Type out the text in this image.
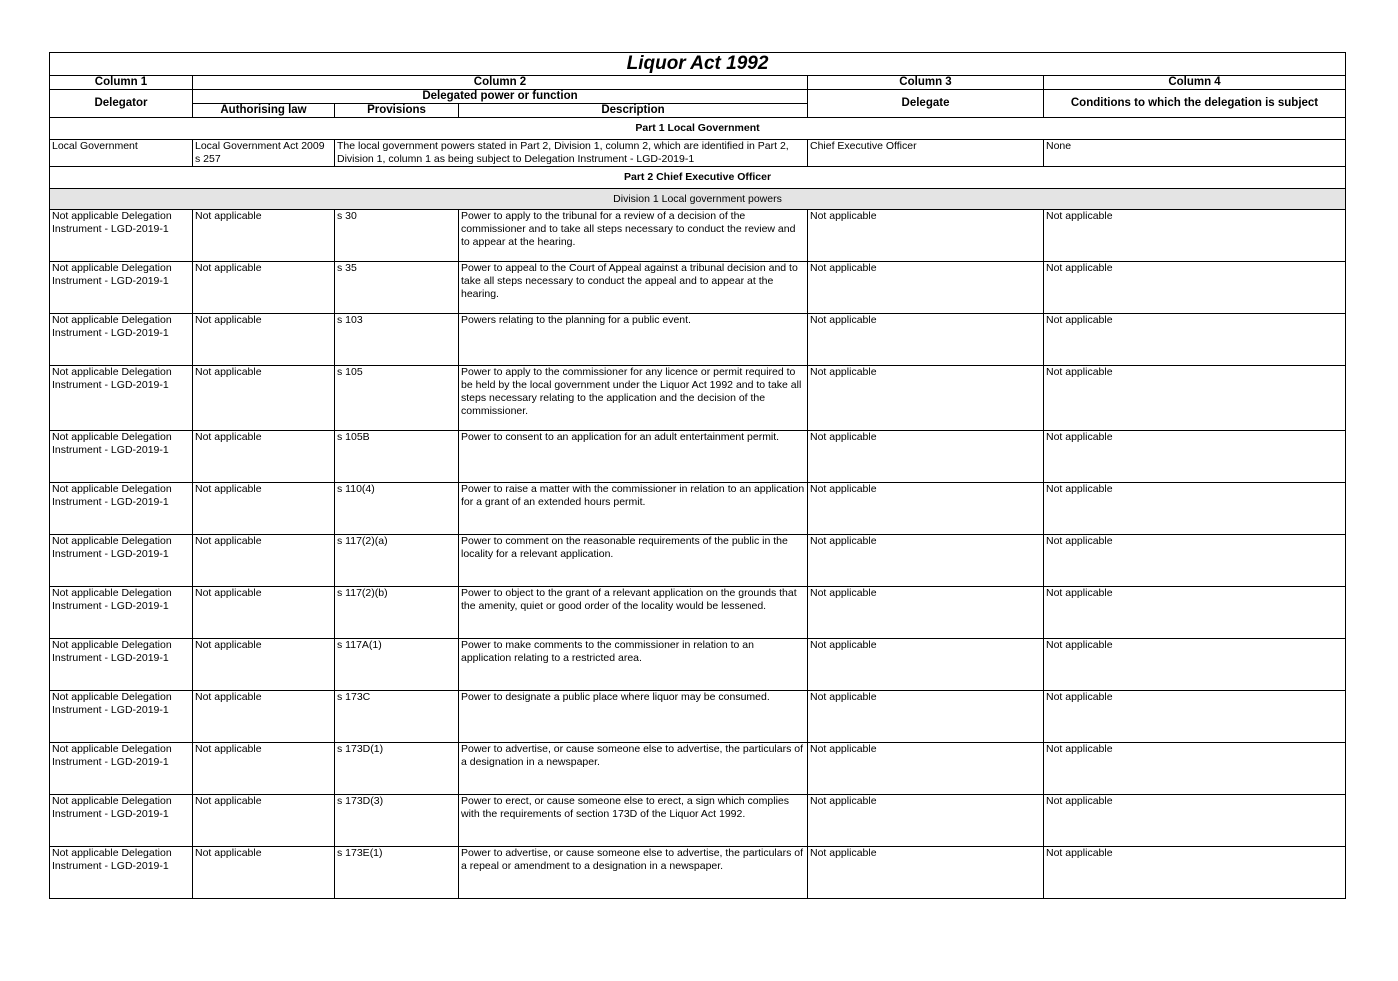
Liquor Act 1992					
Column 1	Column 2			Column 3	Column 4
Delegator	Delegated power or function			Delegate	Conditions to which the delegation is subject
	Authorising law	Provisions	Description		
Part 1 Local Government					
Local Government	Local Government Act 2009 s 257	The local government powers stated in Part 2, Division 1, column 2, which are identified in Part 2, Division 1, column 1 as being subject to Delegation Instrument - LGD-2019-1		Chief Executive Officer	None
Part 2 Chief Executive Officer					
Division 1 Local government powers					
Not applicable Delegation Instrument - LGD-2019-1	Not applicable	s 30	Power to apply to the tribunal for a review of a decision of the commissioner and to take all steps necessary to conduct the review and to appear at the hearing.	Not applicable	Not applicable
Not applicable Delegation Instrument - LGD-2019-1	Not applicable	s 35	Power to appeal to the Court of Appeal against a tribunal decision and to take all steps necessary to conduct the appeal and to appear at the hearing.	Not applicable	Not applicable
Not applicable Delegation Instrument - LGD-2019-1	Not applicable	s 103	Powers relating to the planning for a public event.	Not applicable	Not applicable
Not applicable Delegation Instrument - LGD-2019-1	Not applicable	s 105	Power to apply to the commissioner for any licence or permit required to be held by the local government under the Liquor Act 1992 and to take all steps necessary relating to the application and the decision of the commissioner.	Not applicable	Not applicable
Not applicable Delegation Instrument - LGD-2019-1	Not applicable	s 105B	Power to consent to an application for an adult entertainment permit.	Not applicable	Not applicable
Not applicable Delegation Instrument - LGD-2019-1	Not applicable	s 110(4)	Power to raise a matter with the commissioner in relation to an application for a grant of an extended hours permit.	Not applicable	Not applicable
Not applicable Delegation Instrument - LGD-2019-1	Not applicable	s 117(2)(a)	Power to comment on the reasonable requirements of the public in the locality for a relevant application.	Not applicable	Not applicable
Not applicable Delegation Instrument - LGD-2019-1	Not applicable	s 117(2)(b)	Power to object to the grant of a relevant application on the grounds that the amenity, quiet or good order of the locality would be lessened.	Not applicable	Not applicable
Not applicable Delegation Instrument - LGD-2019-1	Not applicable	s 117A(1)	Power to make comments to the commissioner in relation to an application relating to a restricted area.	Not applicable	Not applicable
Not applicable Delegation Instrument - LGD-2019-1	Not applicable	s 173C	Power to designate a public place where liquor may be consumed.	Not applicable	Not applicable
Not applicable Delegation Instrument - LGD-2019-1	Not applicable	s 173D(1)	Power to advertise, or cause someone else to advertise, the particulars of a designation in a newspaper.	Not applicable	Not applicable
Not applicable Delegation Instrument - LGD-2019-1	Not applicable	s 173D(3)	Power to erect, or cause someone else to erect, a sign which complies with the requirements of section 173D of the Liquor Act 1992.	Not applicable	Not applicable
Not applicable Delegation Instrument - LGD-2019-1	Not applicable	s 173E(1)	Power to advertise, or cause someone else to advertise, the particulars of a repeal or amendment to a designation in a newspaper.	Not applicable	Not applicable
